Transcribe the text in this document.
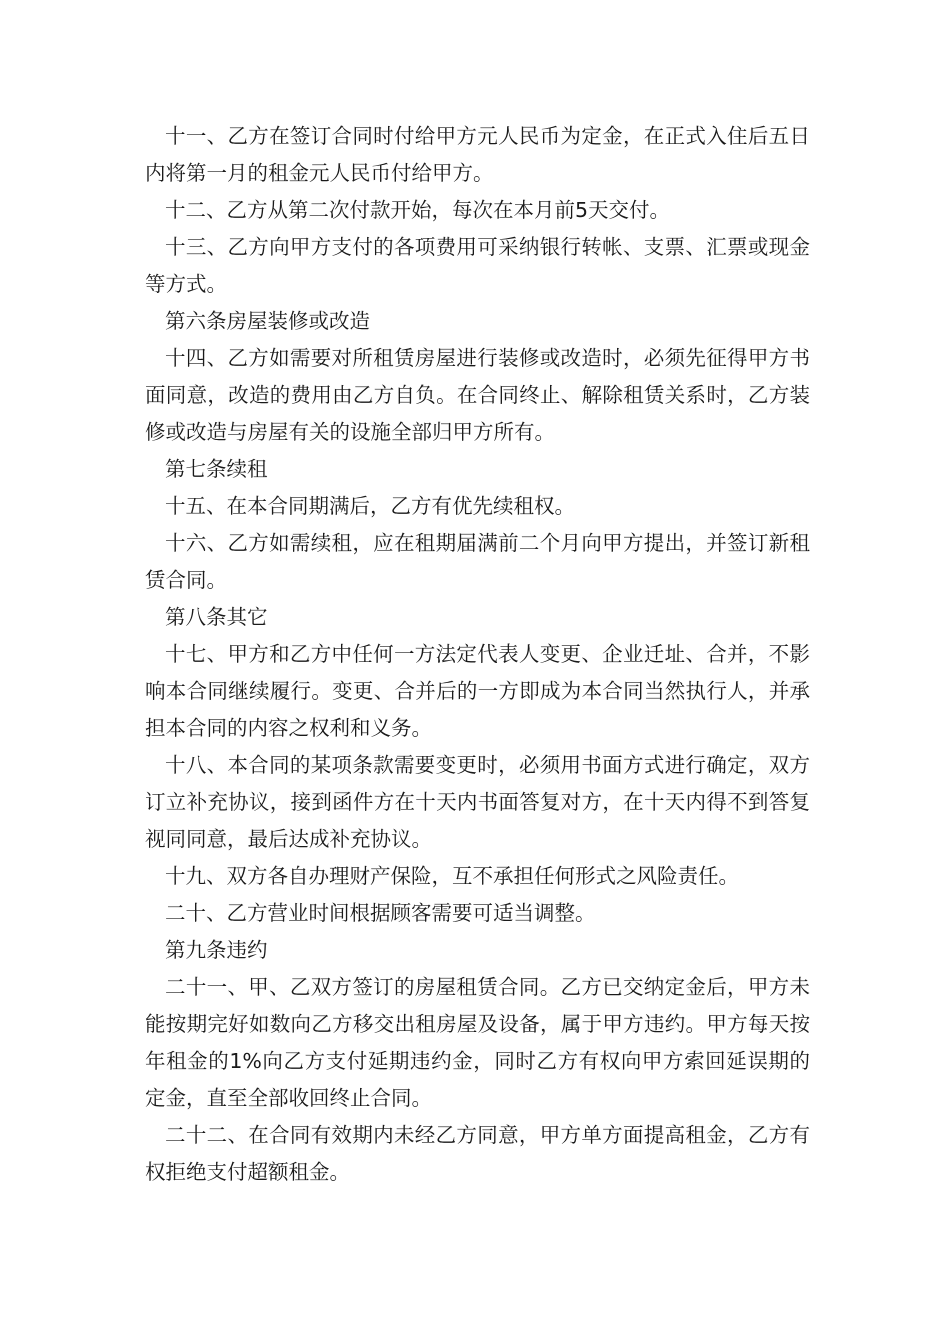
十一、乙方在签订合同时付给甲方元人民币为定金，在正式入住后五日内将第一月的租金元人民币付给甲方。

十二、乙方从第二次付款开始，每次在本月前5天交付。

十三、乙方向甲方支付的各项费用可采纳银行转帐、支票、汇票或现金等方式。

第六条房屋装修或改造

十四、乙方如需要对所租赁房屋进行装修或改造时，必须先征得甲方书面同意，改造的费用由乙方自负。在合同终止、解除租赁关系时，乙方装修或改造与房屋有关的设施全部归甲方所有。

第七条续租

十五、在本合同期满后，乙方有优先续租权。

十六、乙方如需续租，应在租期届满前二个月向甲方提出，并签订新租赁合同。

第八条其它

十七、甲方和乙方中任何一方法定代表人变更、企业迁址、合并，不影响本合同继续履行。变更、合并后的一方即成为本合同当然执行人，并承担本合同的内容之权利和义务。

十八、本合同的某项条款需要变更时，必须用书面方式进行确定，双方订立补充协议，接到函件方在十天内书面答复对方，在十天内得不到答复视同同意，最后达成补充协议。

十九、双方各自办理财产保险，互不承担任何形式之风险责任。

二十、乙方营业时间根据顾客需要可适当调整。

第九条违约

二十一、甲、乙双方签订的房屋租赁合同。乙方已交纳定金后，甲方未能按期完好如数向乙方移交出租房屋及设备，属于甲方违约。甲方每天按年租金的1%向乙方支付延期违约金，同时乙方有权向甲方索回延误期的定金，直至全部收回终止合同。

二十二、在合同有效期内未经乙方同意，甲方单方面提高租金，乙方有权拒绝支付超额租金。
